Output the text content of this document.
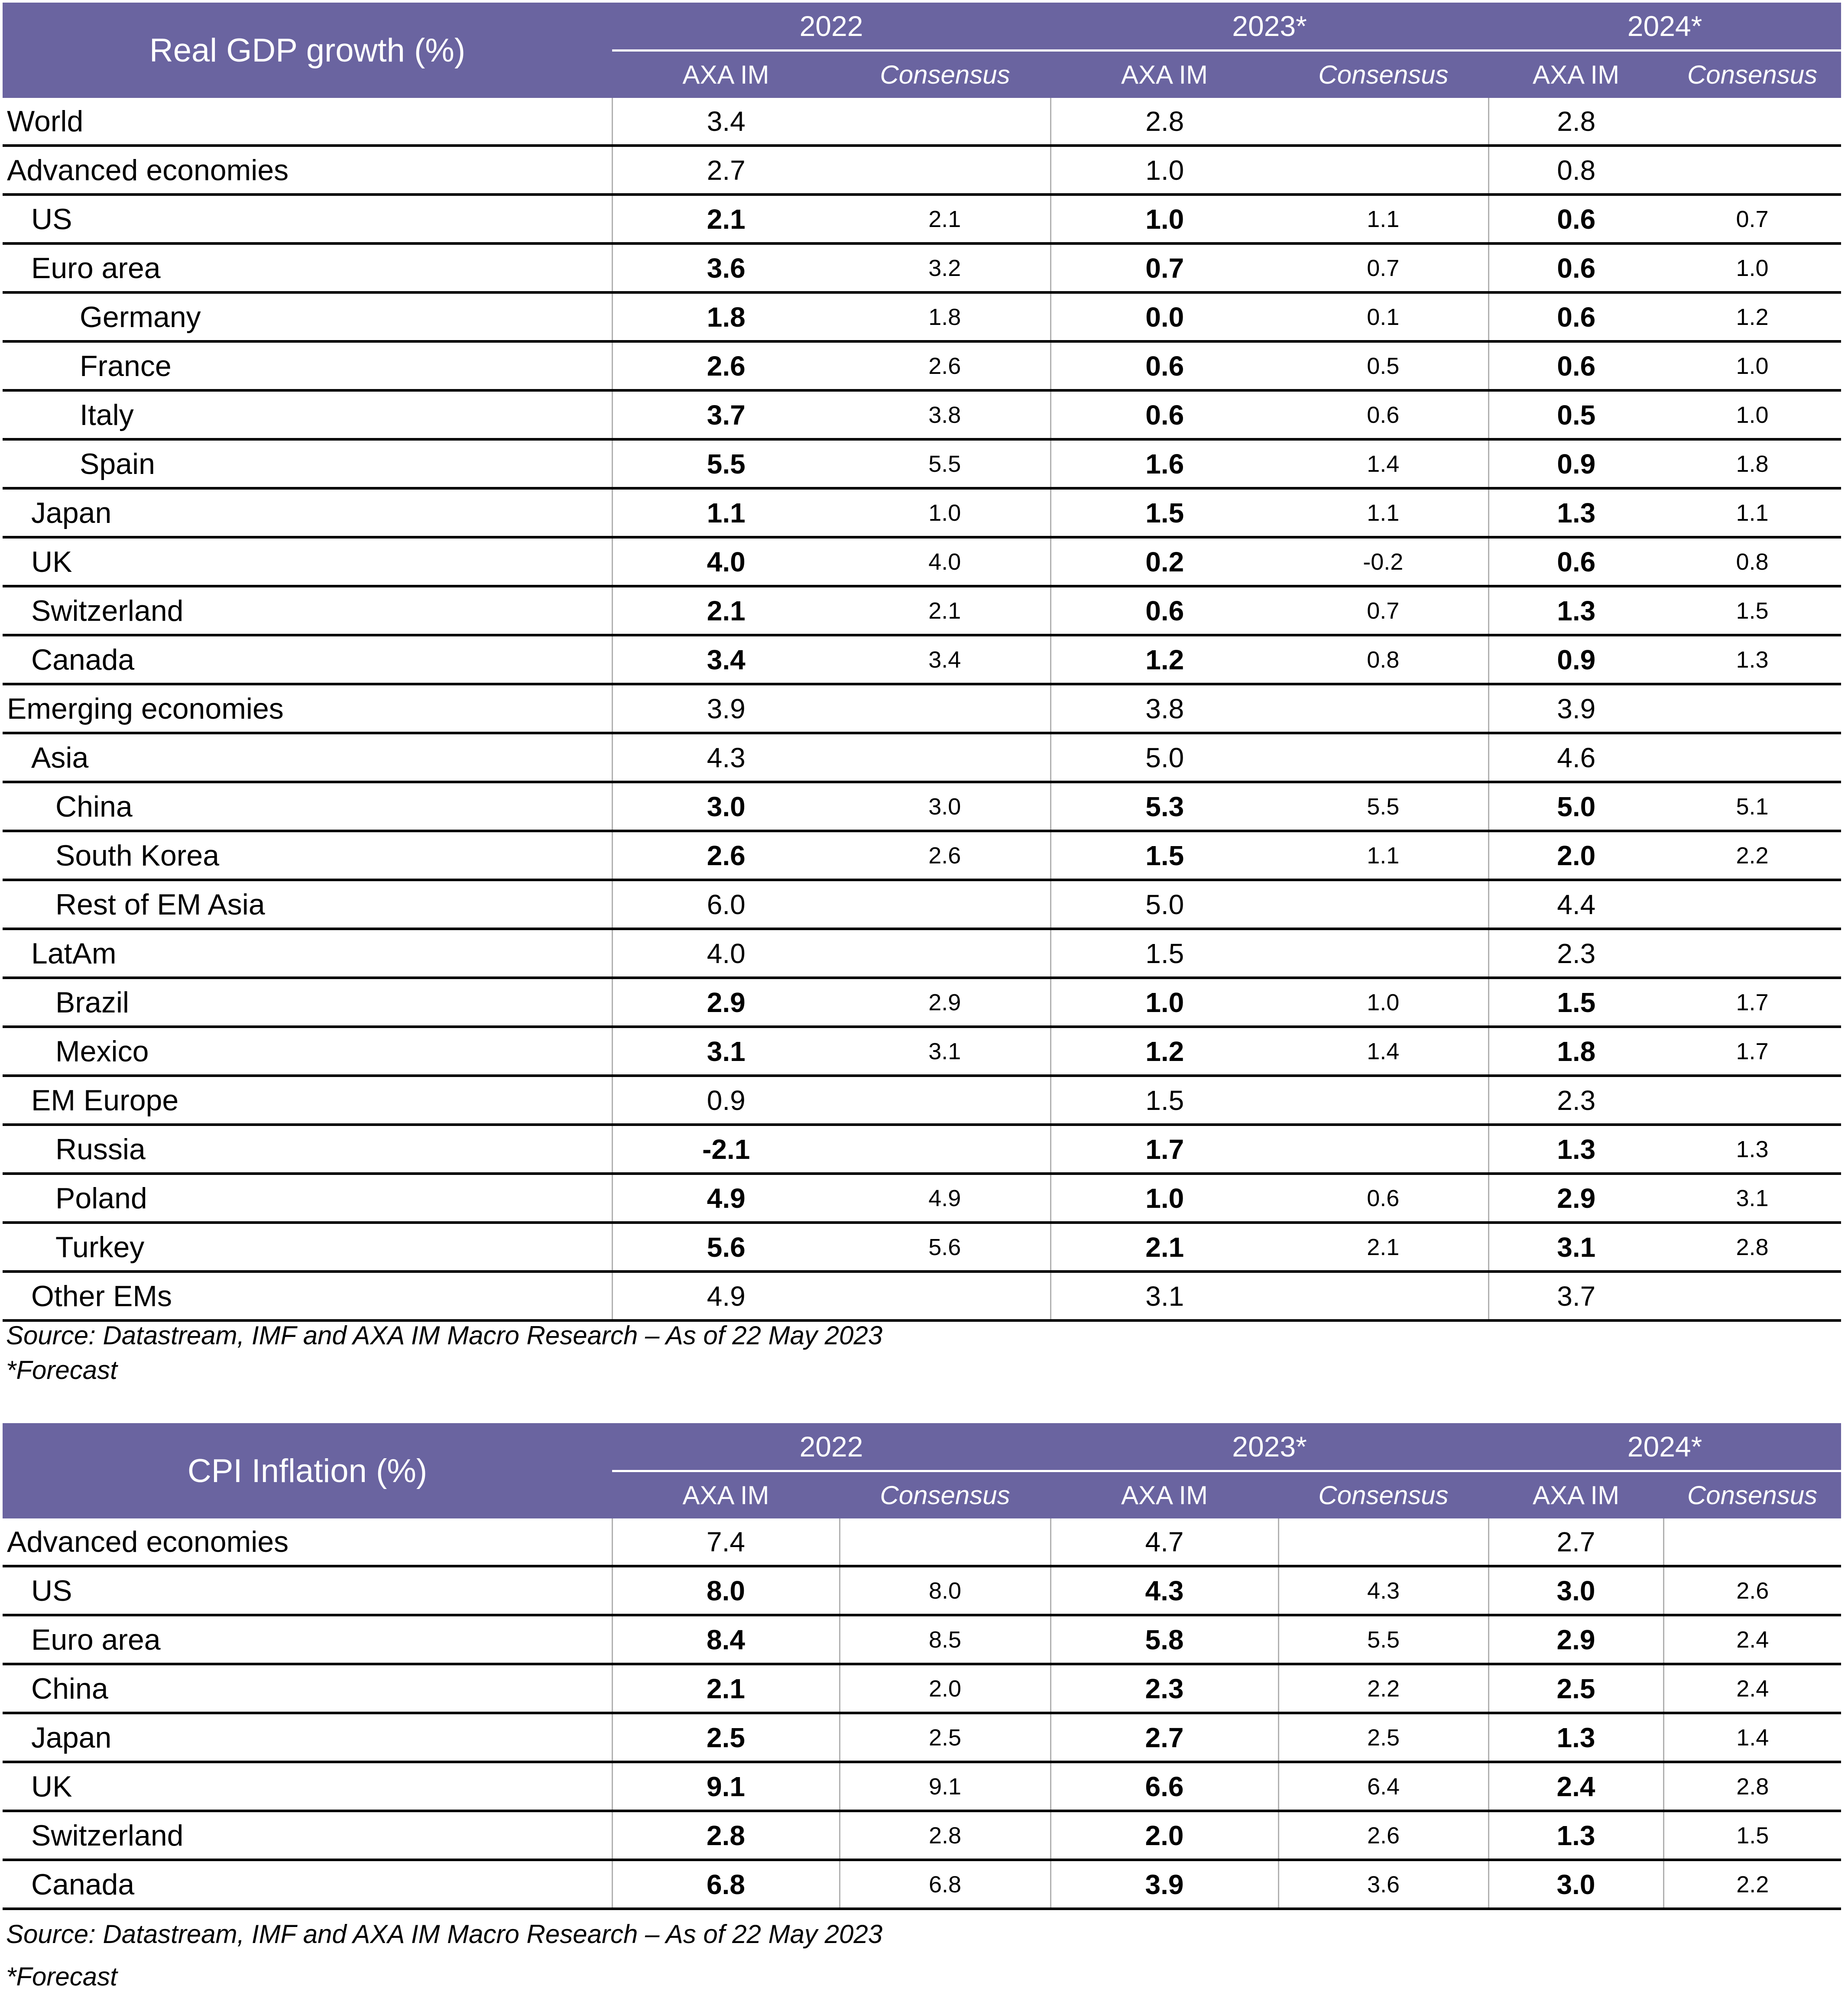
Real GDP growth (%)	2022		2023*		2024*	
	AXA IM	Consensus	AXA IM	Consensus	AXA IM	Consensus
World	3.4		2.8		2.8	
Advanced economies	2.7		1.0		0.8	
US	2.1	2.1	1.0	1.1	0.6	0.7
Euro area	3.6	3.2	0.7	0.7	0.6	1.0
Germany	1.8	1.8	0.0	0.1	0.6	1.2
France	2.6	2.6	0.6	0.5	0.6	1.0
Italy	3.7	3.8	0.6	0.6	0.5	1.0
Spain	5.5	5.5	1.6	1.4	0.9	1.8
Japan	1.1	1.0	1.5	1.1	1.3	1.1
UK	4.0	4.0	0.2	-0.2	0.6	0.8
Switzerland	2.1	2.1	0.6	0.7	1.3	1.5
Canada	3.4	3.4	1.2	0.8	0.9	1.3
Emerging economies	3.9		3.8		3.9	
Asia	4.3		5.0		4.6	
China	3.0	3.0	5.3	5.5	5.0	5.1
South Korea	2.6	2.6	1.5	1.1	2.0	2.2
Rest of EM Asia	6.0		5.0		4.4	
LatAm	4.0		1.5		2.3	
Brazil	2.9	2.9	1.0	1.0	1.5	1.7
Mexico	3.1	3.1	1.2	1.4	1.8	1.7
EM Europe	0.9		1.5		2.3	
Russia	-2.1		1.7		1.3	1.3
Poland	4.9	4.9	1.0	0.6	2.9	3.1
Turkey	5.6	5.6	2.1	2.1	3.1	2.8
Other EMs	4.9		3.1		3.7	
Source: Datastream, IMF and AXA IM Macro Research – As of 22 May 2023
*Forecast
CPI Inflation (%)	2022		2023*		2024*	
	AXA IM	Consensus	AXA IM	Consensus	AXA IM	Consensus
Advanced economies	7.4		4.7		2.7	
US	8.0	8.0	4.3	4.3	3.0	2.6
Euro area	8.4	8.5	5.8	5.5	2.9	2.4
China	2.1	2.0	2.3	2.2	2.5	2.4
Japan	2.5	2.5	2.7	2.5	1.3	1.4
UK	9.1	9.1	6.6	6.4	2.4	2.8
Switzerland	2.8	2.8	2.0	2.6	1.3	1.5
Canada	6.8	6.8	3.9	3.6	3.0	2.2
Source: Datastream, IMF and AXA IM Macro Research – As of 22 May 2023
*Forecast
